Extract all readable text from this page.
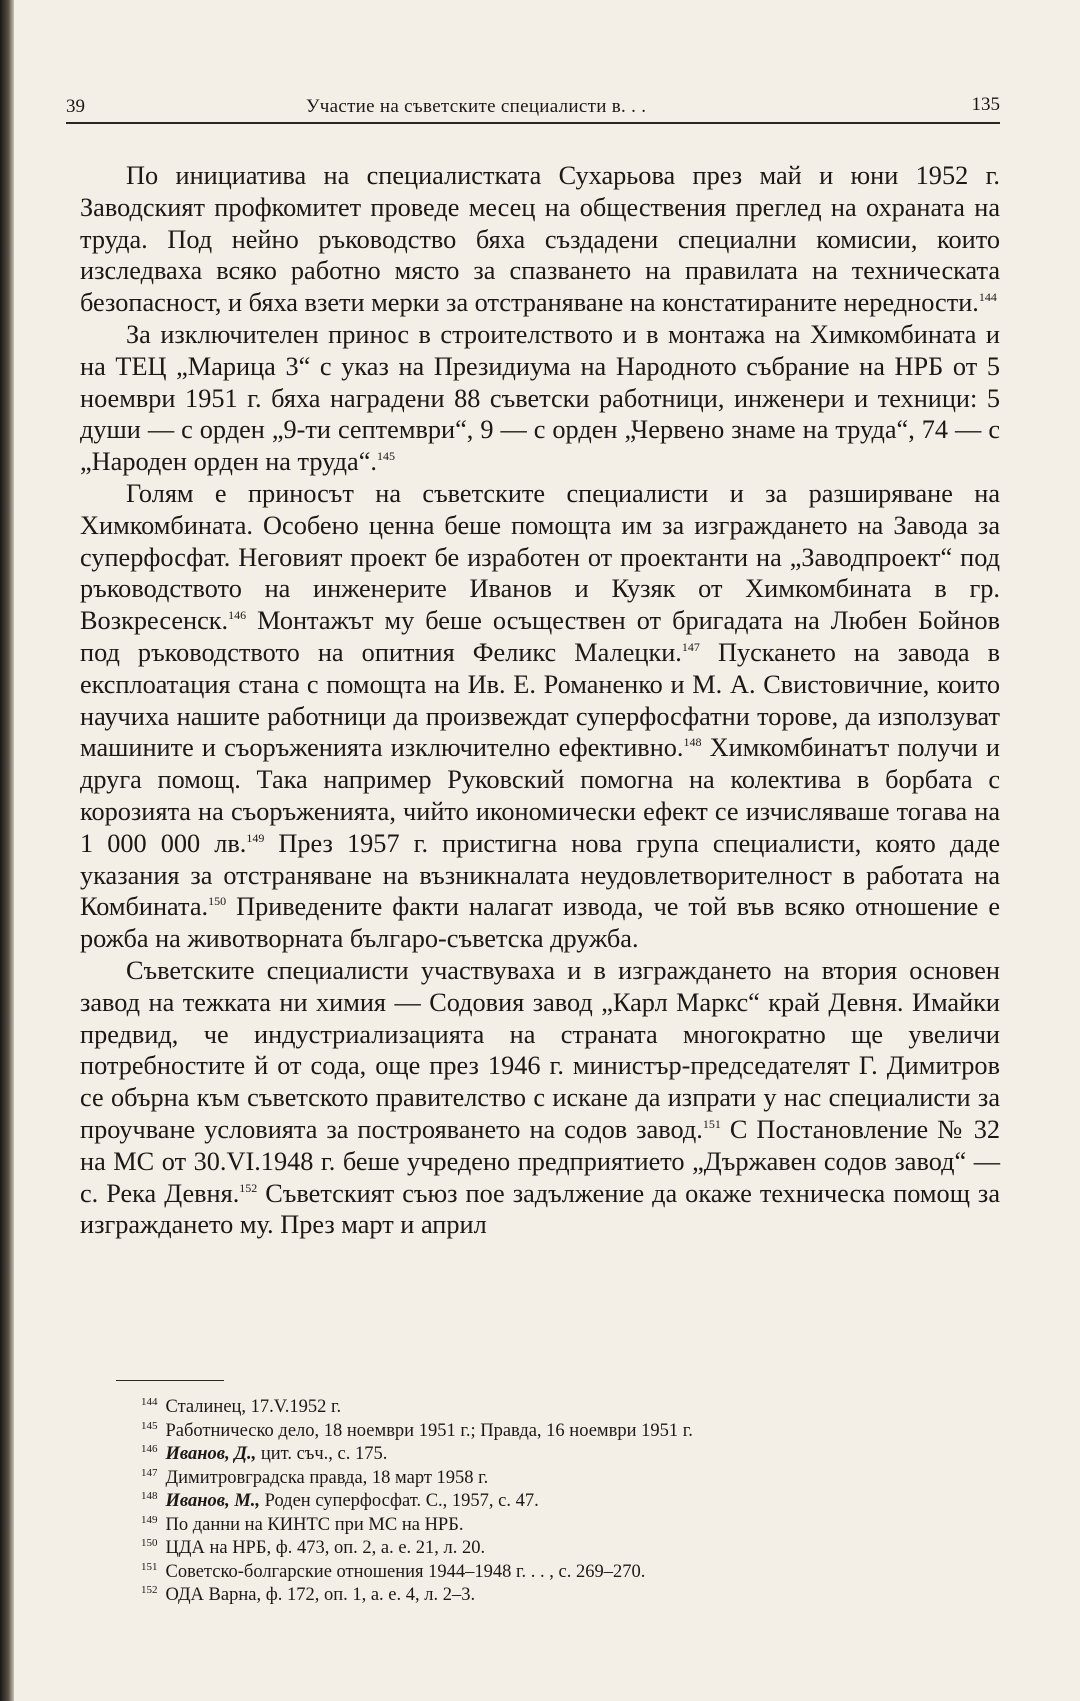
39	Участие на съветските специалисти в. . .	135

По инициатива на специалистката Сухарьова през май и юни 1952 г. Заводският профкомитет проведе месец на обществения преглед на охраната на труда. Под нейно ръководство бяха създадени специални комисии, които изследваха всяко работно място за спазването на правилата на техническата безопасност, и бяха взети мерки за отстраняване на констатираните нередности.$^{144}$

За изключителен принос в строителството и в монтажа на Химкомбината и на ТЕЦ „Марица 3“ с указ на Президиума на Народното събрание на НРБ от 5 ноември 1951 г. бяха наградени 88 съветски работници, инженери и техници: 5 души — с орден „9-ти септември“, 9 — с орден „Червено знаме на труда“, 74 — с „Народен орден на труда“.$^{145}$

Голям е приносът на съветските специалисти и за разширяване на Химкомбината. Особено ценна беше помощта им за изграждането на Завода за суперфосфат. Неговият проект бе изработен от проектанти на „Заводпроект“ под ръководството на инженерите Иванов и Кузяк от Химкомбината в гр. Возкресенск.$^{146}$ Монтажът му беше осъществен от бригадата на Любен Бойнов под ръководството на опитния Феликс Малецки.$^{147}$ Пускането на завода в експлоатация стана с помощта на Ив. Е. Романенко и М. А. Свистовичние, които научиха нашите работници да произвеждат суперфосфатни торове, да използуват машините и съоръженията изключително ефективно.$^{148}$ Химкомбинатът получи и друга помощ. Така например Руковский помогна на колектива в борбата с корозията на съоръженията, чийто икономически ефект се изчисляваше тогава на 1 000 000 лв.$^{149}$ През 1957 г. пристигна нова група специалисти, която даде указания за отстраняване на възникналата неудовлетворителност в работата на Комбината.$^{150}$ Приведените факти налагат извода, че той във всяко отношение е рожба на животворната българо-съветска дружба.

Съветските специалисти участвуваха и в изграждането на втория основен завод на тежката ни химия — Содовия завод „Карл Маркс“ край Девня. Имайки предвид, че индустриализацията на страната многократно ще увеличи потребностите й от сода, още през 1946 г. министър-председателят Г. Димитров се обърна към съветското правителство с искане да изпрати у нас специалисти за проучване условията за построяването на содов завод.$^{151}$ С Постановление № 32 на МС от 30.VI.1948 г. беше учредено предприятието „Държавен содов завод“ — с. Река Девня.$^{152}$ Съветският съюз пое задължение да окаже техническа помощ за изграждането му. През март и април

$^{144}$ Сталинец, 17.V.1952 г.
$^{145}$ Работническо дело, 18 ноември 1951 г.; Правда, 16 ноември 1951 г.
$^{146}$ Иванов, Д., цит. съч., с. 175.
$^{147}$ Димитровградска правда, 18 март 1958 г.
$^{148}$ Иванов, М., Роден суперфосфат. С., 1957, с. 47.
$^{149}$ По данни на КИНТС при МС на НРБ.
$^{150}$ ЦДА на НРБ, ф. 473, оп. 2, а. е. 21, л. 20.
$^{151}$ Советско-болгарские отношения 1944–1948 г. . . , с. 269–270.
$^{152}$ ОДА Варна, ф. 172, оп. 1, а. е. 4, л. 2–3.
